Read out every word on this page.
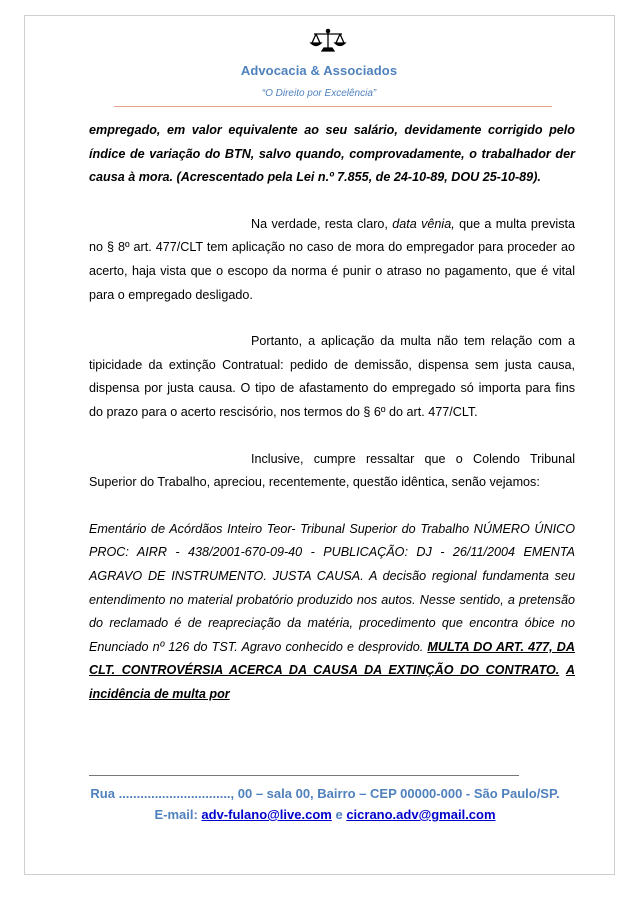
Advocacia & Associados
“O Direito por Excelência”

empregado, em valor equivalente ao seu salário, devidamente corrigido pelo índice de variação do BTN, salvo quando, comprovadamente, o trabalhador der causa à mora. (Acrescentado pela Lei n.º 7.855, de 24-10-89, DOU 25-10-89).

Na verdade, resta claro, data vênia, que a multa prevista no § 8º art. 477/CLT tem aplicação no caso de mora do empregador para proceder ao acerto, haja vista que o escopo da norma é punir o atraso no pagamento, que é vital para o empregado desligado.

Portanto, a aplicação da multa não tem relação com a tipicidade da extinção Contratual: pedido de demissão, dispensa sem justa causa, dispensa por justa causa. O tipo de afastamento do empregado só importa para fins do prazo para o acerto rescisório, nos termos do § 6º do art. 477/CLT.

Inclusive, cumpre ressaltar que o Colendo Tribunal Superior do Trabalho, apreciou, recentemente, questão idêntica, senão vejamos:

Ementário de Acórdãos Inteiro Teor- Tribunal Superior do Trabalho NÚMERO ÚNICO PROC: AIRR - 438/2001-670-09-40 - PUBLICAÇÃO: DJ - 26/11/2004 EMENTA AGRAVO DE INSTRUMENTO. JUSTA CAUSA. A decisão regional fundamenta seu entendimento no material probatório produzido nos autos. Nesse sentido, a pretensão do reclamado é de reapreciação da matéria, procedimento que encontra óbice no Enunciado nº 126 do TST. Agravo conhecido e desprovido. MULTA DO ART. 477, DA CLT. CONTROVÉRSIA ACERCA DA CAUSA DA EXTINÇÃO DO CONTRATO. A incidência de multa por

Rua ..............................., 00 – sala 00, Bairro – CEP 00000-000 - São Paulo/SP.
E-mail: adv-fulano@live.com e cicrano.adv@gmail.com
